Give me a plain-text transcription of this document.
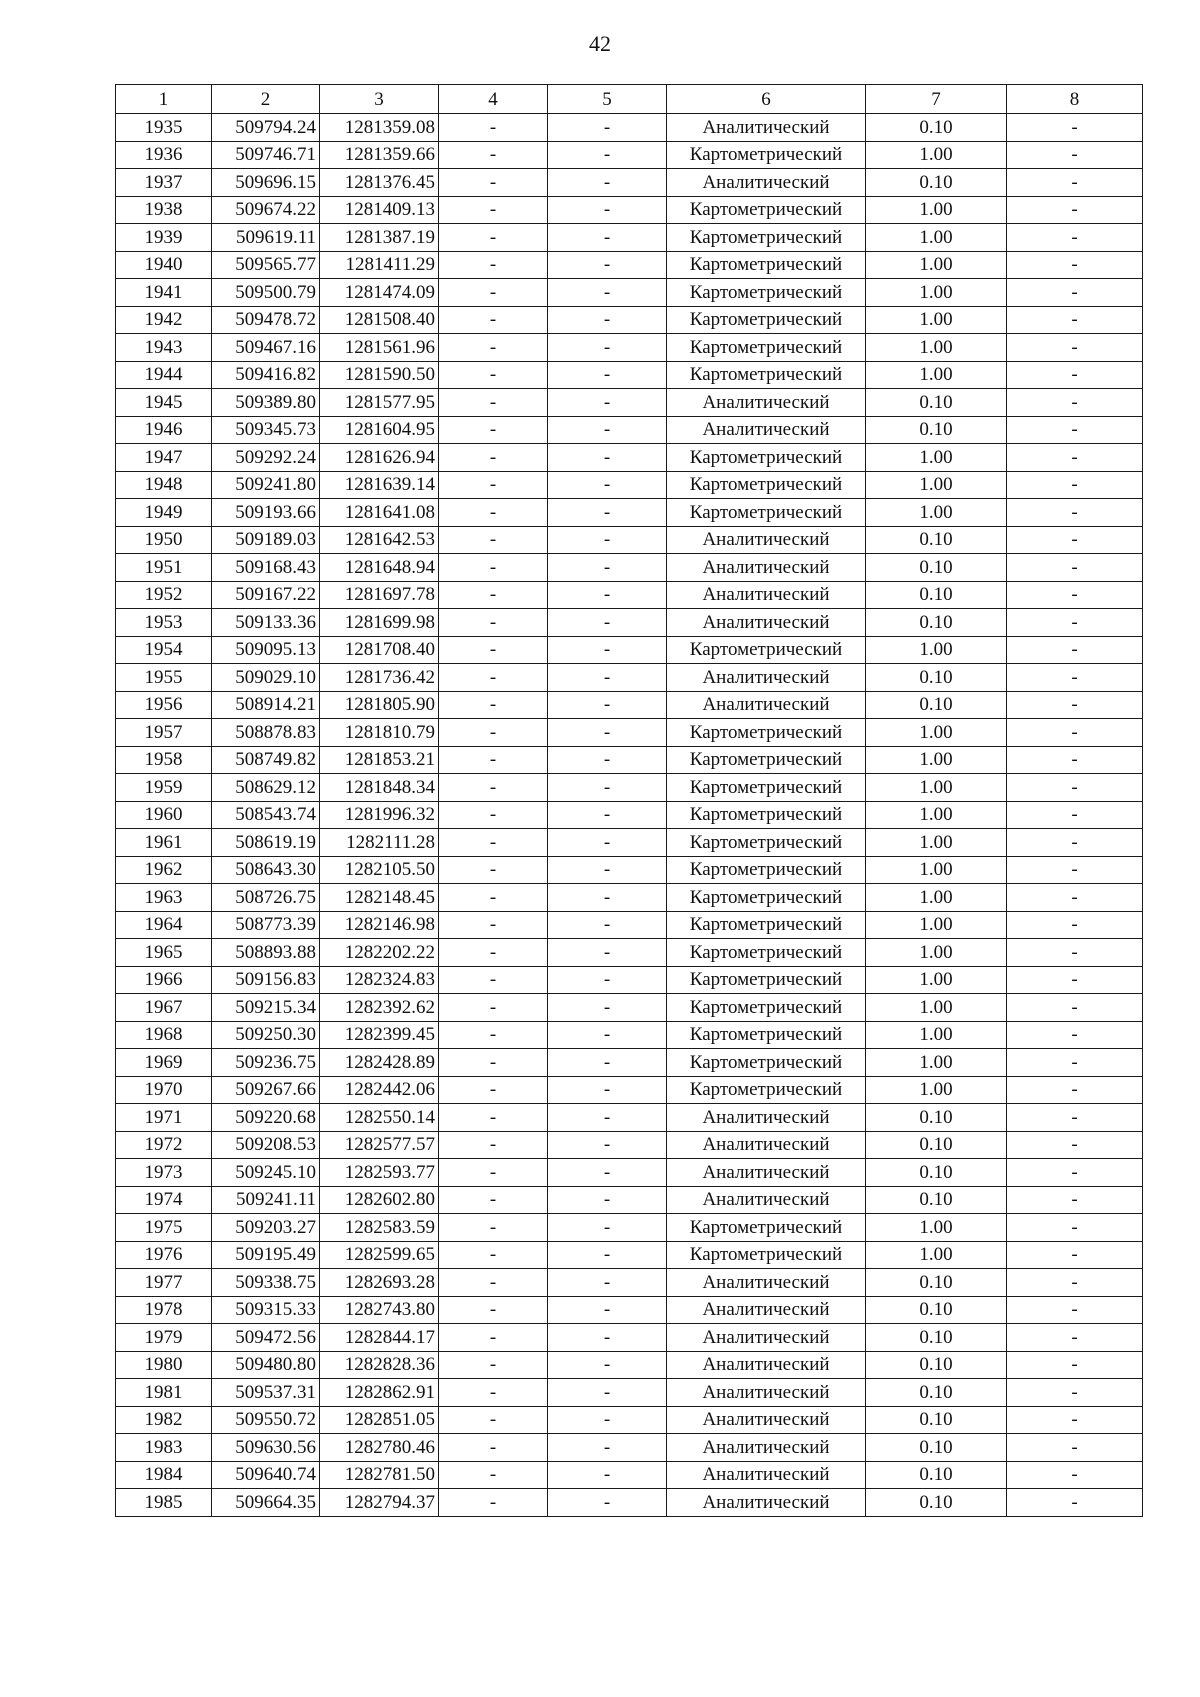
42
1	2	3	4	5	6	7	8
1935	509794.24	1281359.08	-	-	Аналитический	0.10	-
1936	509746.71	1281359.66	-	-	Картометрический	1.00	-
1937	509696.15	1281376.45	-	-	Аналитический	0.10	-
1938	509674.22	1281409.13	-	-	Картометрический	1.00	-
1939	509619.11	1281387.19	-	-	Картометрический	1.00	-
1940	509565.77	1281411.29	-	-	Картометрический	1.00	-
1941	509500.79	1281474.09	-	-	Картометрический	1.00	-
1942	509478.72	1281508.40	-	-	Картометрический	1.00	-
1943	509467.16	1281561.96	-	-	Картометрический	1.00	-
1944	509416.82	1281590.50	-	-	Картометрический	1.00	-
1945	509389.80	1281577.95	-	-	Аналитический	0.10	-
1946	509345.73	1281604.95	-	-	Аналитический	0.10	-
1947	509292.24	1281626.94	-	-	Картометрический	1.00	-
1948	509241.80	1281639.14	-	-	Картометрический	1.00	-
1949	509193.66	1281641.08	-	-	Картометрический	1.00	-
1950	509189.03	1281642.53	-	-	Аналитический	0.10	-
1951	509168.43	1281648.94	-	-	Аналитический	0.10	-
1952	509167.22	1281697.78	-	-	Аналитический	0.10	-
1953	509133.36	1281699.98	-	-	Аналитический	0.10	-
1954	509095.13	1281708.40	-	-	Картометрический	1.00	-
1955	509029.10	1281736.42	-	-	Аналитический	0.10	-
1956	508914.21	1281805.90	-	-	Аналитический	0.10	-
1957	508878.83	1281810.79	-	-	Картометрический	1.00	-
1958	508749.82	1281853.21	-	-	Картометрический	1.00	-
1959	508629.12	1281848.34	-	-	Картометрический	1.00	-
1960	508543.74	1281996.32	-	-	Картометрический	1.00	-
1961	508619.19	1282111.28	-	-	Картометрический	1.00	-
1962	508643.30	1282105.50	-	-	Картометрический	1.00	-
1963	508726.75	1282148.45	-	-	Картометрический	1.00	-
1964	508773.39	1282146.98	-	-	Картометрический	1.00	-
1965	508893.88	1282202.22	-	-	Картометрический	1.00	-
1966	509156.83	1282324.83	-	-	Картометрический	1.00	-
1967	509215.34	1282392.62	-	-	Картометрический	1.00	-
1968	509250.30	1282399.45	-	-	Картометрический	1.00	-
1969	509236.75	1282428.89	-	-	Картометрический	1.00	-
1970	509267.66	1282442.06	-	-	Картометрический	1.00	-
1971	509220.68	1282550.14	-	-	Аналитический	0.10	-
1972	509208.53	1282577.57	-	-	Аналитический	0.10	-
1973	509245.10	1282593.77	-	-	Аналитический	0.10	-
1974	509241.11	1282602.80	-	-	Аналитический	0.10	-
1975	509203.27	1282583.59	-	-	Картометрический	1.00	-
1976	509195.49	1282599.65	-	-	Картометрический	1.00	-
1977	509338.75	1282693.28	-	-	Аналитический	0.10	-
1978	509315.33	1282743.80	-	-	Аналитический	0.10	-
1979	509472.56	1282844.17	-	-	Аналитический	0.10	-
1980	509480.80	1282828.36	-	-	Аналитический	0.10	-
1981	509537.31	1282862.91	-	-	Аналитический	0.10	-
1982	509550.72	1282851.05	-	-	Аналитический	0.10	-
1983	509630.56	1282780.46	-	-	Аналитический	0.10	-
1984	509640.74	1282781.50	-	-	Аналитический	0.10	-
1985	509664.35	1282794.37	-	-	Аналитический	0.10	-
